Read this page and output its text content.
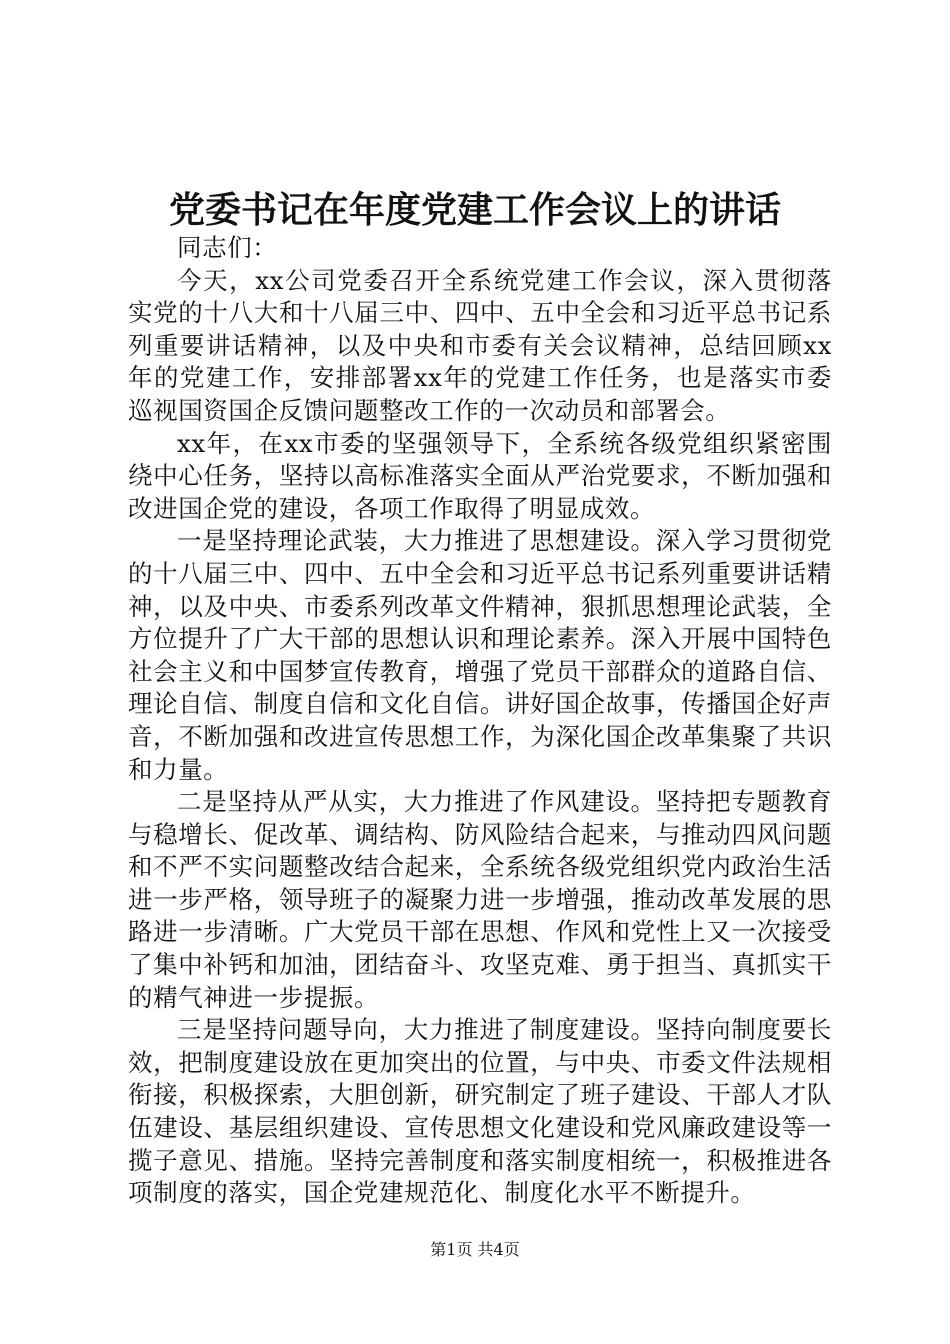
党委书记在年度党建工作会议上的讲话

同志们：

今天，xx公司党委召开全系统党建工作会议，深入贯彻落实党的十八大和十八届三中、四中、五中全会和习近平总书记系列重要讲话精神，以及中央和市委有关会议精神，总结回顾xx年的党建工作，安排部署xx年的党建工作任务，也是落实市委巡视国资国企反馈问题整改工作的一次动员和部署会。

xx年，在xx市委的坚强领导下，全系统各级党组织紧密围绕中心任务，坚持以高标准落实全面从严治党要求，不断加强和改进国企党的建设，各项工作取得了明显成效。

一是坚持理论武装，大力推进了思想建设。深入学习贯彻党的十八届三中、四中、五中全会和习近平总书记系列重要讲话精神，以及中央、市委系列改革文件精神，狠抓思想理论武装，全方位提升了广大干部的思想认识和理论素养。深入开展中国特色社会主义和中国梦宣传教育，增强了党员干部群众的道路自信、理论自信、制度自信和文化自信。讲好国企故事，传播国企好声音，不断加强和改进宣传思想工作，为深化国企改革集聚了共识和力量。

二是坚持从严从实，大力推进了作风建设。坚持把专题教育与稳增长、促改革、调结构、防风险结合起来，与推动四风问题和不严不实问题整改结合起来，全系统各级党组织党内政治生活进一步严格，领导班子的凝聚力进一步增强，推动改革发展的思路进一步清晰。广大党员干部在思想、作风和党性上又一次接受了集中补钙和加油，团结奋斗、攻坚克难、勇于担当、真抓实干的精气神进一步提振。

三是坚持问题导向，大力推进了制度建设。坚持向制度要长效，把制度建设放在更加突出的位置，与中央、市委文件法规相衔接，积极探索，大胆创新，研究制定了班子建设、干部人才队伍建设、基层组织建设、宣传思想文化建设和党风廉政建设等一揽子意见、措施。坚持完善制度和落实制度相统一，积极推进各项制度的落实，国企党建规范化、制度化水平不断提升。

第1页 共4页
